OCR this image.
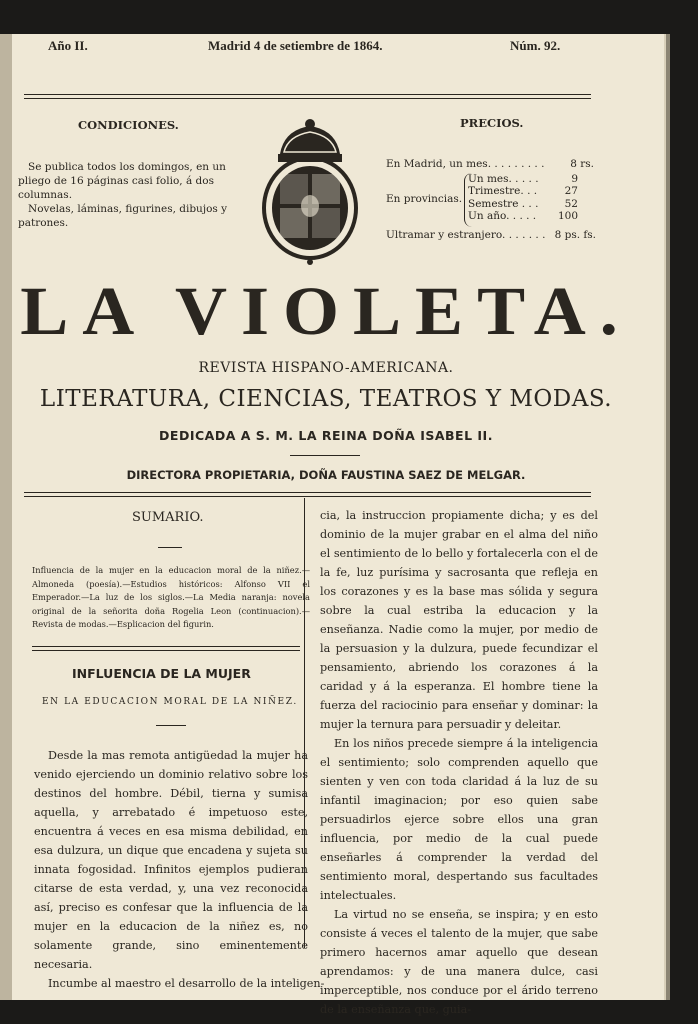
Año II.	Madrid 4 de setiembre de 1864.	Núm. 92.
CONDICIONES.

Se publica todos los domingos, en un pliego de 16 páginas casi folio, á dos columnas.

Novelas, láminas, figurines, dibujos y patrones.

PRECIOS.
En Madrid, un mes. . . . . . . . . 8 rs.
En provincias.
Un mes. . . . .	9
Trimestre. . .	27
Semestre . . . 52
Un año. . . . . 100
Ultramar y estranjero. . . . . . . 8 ps. fs.
LA VIOLETA.
REVISTA HISPANO-AMERICANA.
LITERATURA, CIENCIAS, TEATROS Y MODAS.
DEDICADA A S. M. LA REINA DOÑA ISABEL II.
DIRECTORA PROPIETARIA, DOÑA FAUSTINA SAEZ DE MELGAR.
SUMARIO.
Influencia de la mujer en la educacion moral de la niñez.—Almoneda (poesía).—Estudios históricos: Alfonso VII el Emperador.—La luz de los siglos.—La Media naranja: novela original de la señorita doña Rogelia Leon (continuacion).—Revista de modas.—Esplicacion del figurin.
INFLUENCIA DE LA MUJER
EN LA EDUCACION MORAL DE LA NIÑEZ.

Desde la mas remota antigüedad la mujer ha venido ejerciendo un dominio relativo sobre los destinos del hombre. Débil, tierna y sumisa aquella, y arrebatado é impetuoso este, encuentra á veces en esa misma debilidad, en esa dulzura, un dique que encadena y sujeta su innata fogosidad. Infinitos ejemplos pudieran citarse de esta verdad, y, una vez reconocida así, preciso es confesar que la influencia de la mujer en la educacion de la niñez es, no solamente grande, sino eminentemente necesaria.

Incumbe al maestro el desarrollo de la inteligen-

cia, la instruccion propiamente dicha; y es del dominio de la mujer grabar en el alma del niño el sentimiento de lo bello y fortalecerla con el de la fe, luz purísima y sacrosanta que refleja en los corazones y es la base mas sólida y segura sobre la cual estriba la educacion y la enseñanza. Nadie como la mujer, por medio de la persuasion y la dulzura, puede fecundizar el pensamiento, abriendo los corazones á la caridad y á la esperanza. El hombre tiene la fuerza del raciocinio para enseñar y dominar: la mujer la ternura para persuadir y deleitar.

En los niños precede siempre á la inteligencia el sentimiento; solo comprenden aquello que sienten y ven con toda claridad á la luz de su infantil imaginacion; por eso quien sabe persuadirlos ejerce sobre ellos una gran influencia, por medio de la cual puede enseñarles á comprender la verdad del sentimiento moral, despertando sus facultades intelectuales.

La virtud no se enseña, se inspira; y en esto consiste á veces el talento de la mujer, que sabe primero hacernos amar aquello que desean aprendamos: y de una manera dulce, casi imperceptible, nos conduce por el árido terreno de la enseñanza que, guia-
